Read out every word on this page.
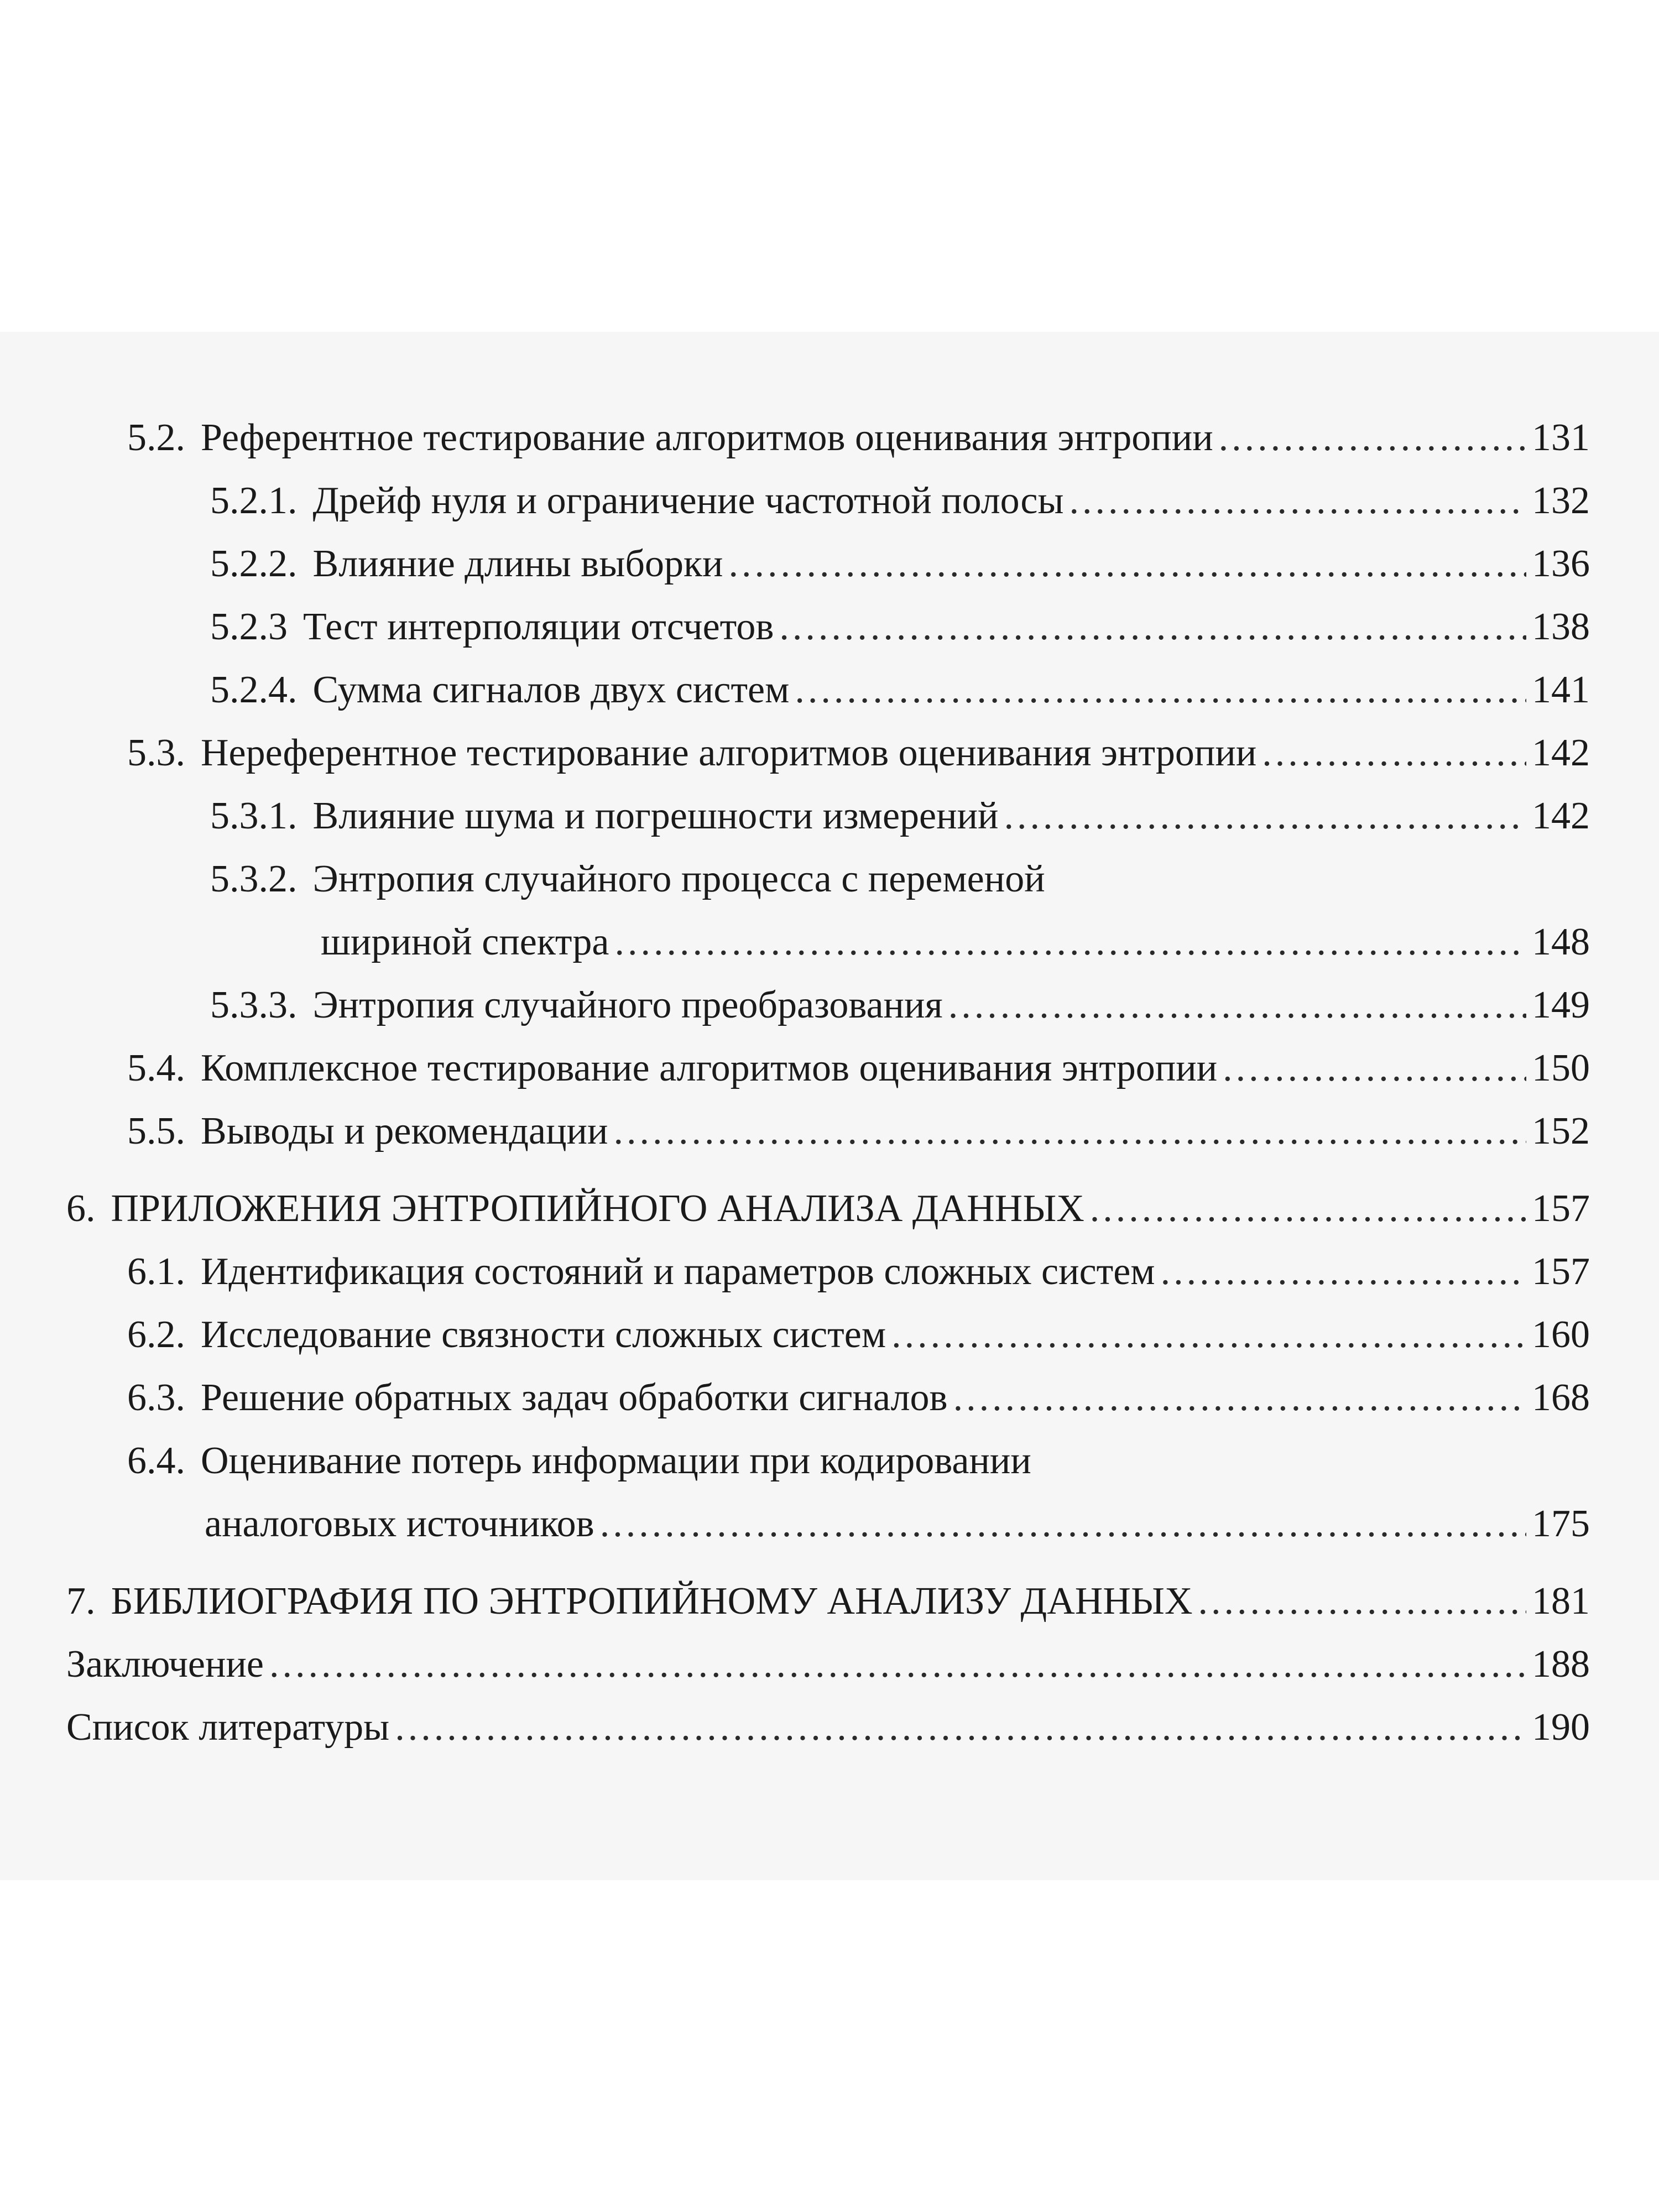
5.2. Референтное тестирование алгоритмов оценивания энтропии .....	131
5.2.1. Дрейф нуля и ограничение частотной полосы .....	132
5.2.2. Влияние длины выборки .....	136
5.2.3 Тест интерполяции отсчетов .....	138
5.2.4. Сумма сигналов двух систем .....	141
5.3. Нереферентное тестирование алгоритмов оценивания энтропии .....	142
5.3.1. Влияние шума и погрешности измерений .....	142
5.3.2. Энтропия случайного процесса с переменой
шириной спектра .....	148
5.3.3. Энтропия случайного преобразования .....	149
5.4. Комплексное тестирование алгоритмов оценивания энтропии .....	150
5.5. Выводы и рекомендации .....	152
6. ПРИЛОЖЕНИЯ ЭНТРОПИЙНОГО АНАЛИЗА ДАННЫХ .....	157
6.1. Идентификация состояний и параметров сложных систем .....	157
6.2. Исследование связности сложных систем .....	160
6.3. Решение обратных задач обработки сигналов .....	168
6.4. Оценивание потерь информации при кодировании
аналоговых источников .....	175
7. БИБЛИОГРАФИЯ ПО ЭНТРОПИЙНОМУ АНАЛИЗУ ДАННЫХ .....	181
Заключение .....	188
Список литературы .....	190
